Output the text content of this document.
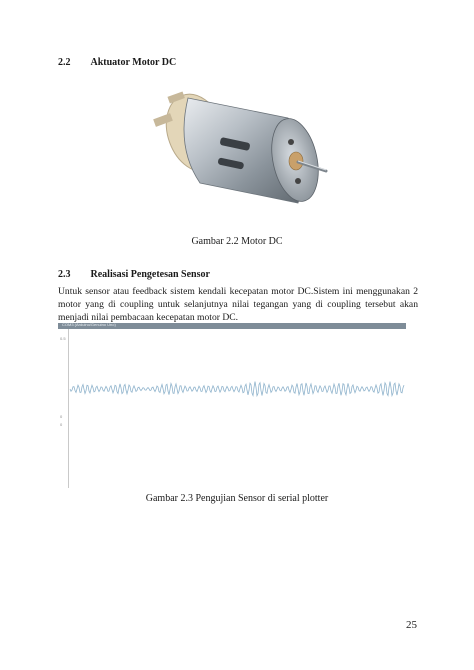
2.2 Aktuator Motor DC
Gambar 2.2 Motor DC
2.3 Realisasi Pengetesan Sensor
Untuk sensor atau feedback sistem kendali kecepatan motor DC.Sistem ini menggunakan 2 motor yang di coupling untuk selanjutnya nilai tegangan yang di coupling tersebut akan menjadi nilai pembacaan kecepatan motor DC.
COM3 (Arduino/Genuino Uno)
0.5
0
0
Gambar 2.3 Pengujian Sensor di serial plotter
25
